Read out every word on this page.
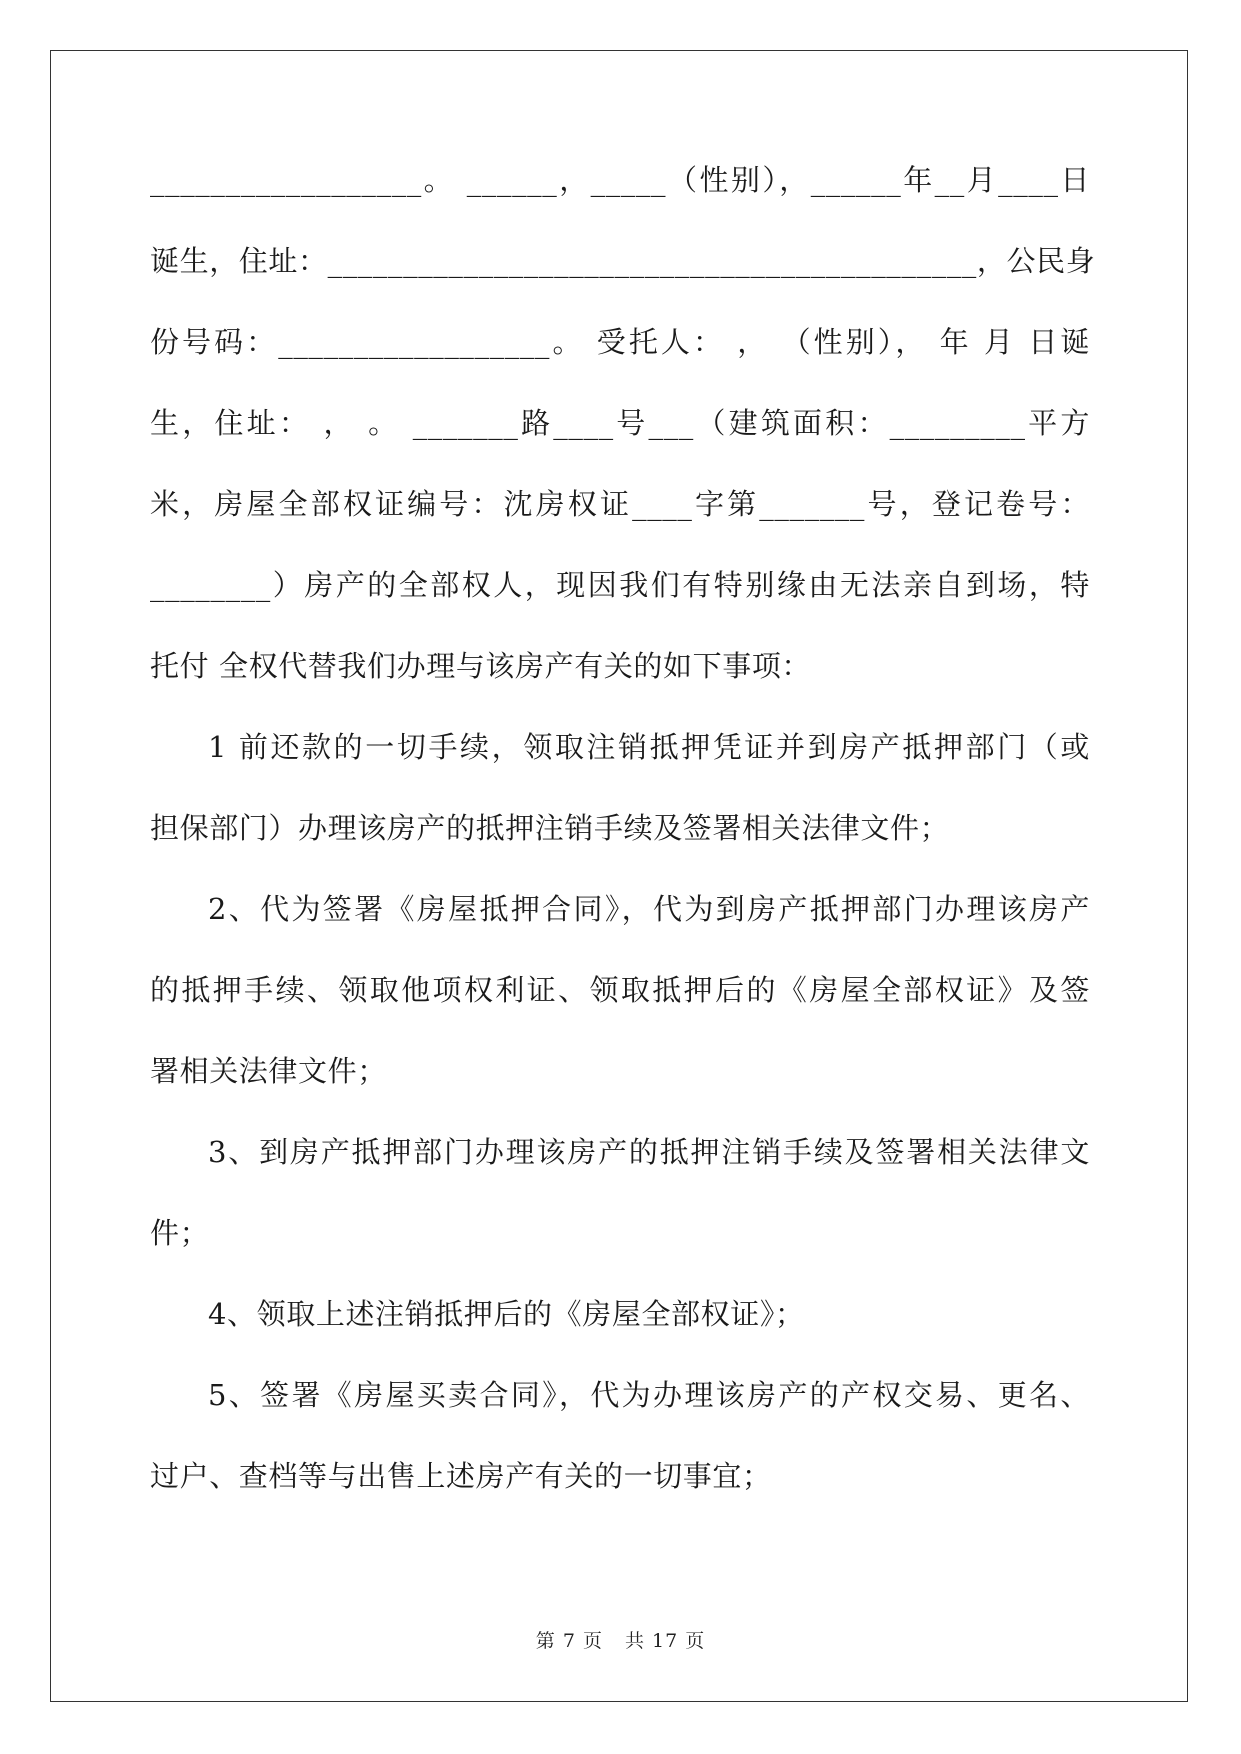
__________________。 ______，_____（性别），______年__月____日
诞生，住址：___________________________________________，公民身
份号码：__________________。 受托人： ， （性别）， 年 月 日诞
生，住址： ， 。 _______路____号___（建筑面积：_________平方
米，房屋全部权证编号：沈房权证____字第_______号，登记卷号：
________）房产的全部权人，现因我们有特别缘由无法亲自到场，特
托付 全权代替我们办理与该房产有关的如下事项：
1 前还款的一切手续，领取注销抵押凭证并到房产抵押部门（或
担保部门）办理该房产的抵押注销手续及签署相关法律文件；
2、代为签署《房屋抵押合同》，代为到房产抵押部门办理该房产
的抵押手续、领取他项权利证、领取抵押后的《房屋全部权证》及签
署相关法律文件；
3、到房产抵押部门办理该房产的抵押注销手续及签署相关法律文
件；
4、领取上述注销抵押后的《房屋全部权证》；
5、签署《房屋买卖合同》，代为办理该房产的产权交易、更名、
过户、查档等与出售上述房产有关的一切事宜；
第 7 页 共 17 页
